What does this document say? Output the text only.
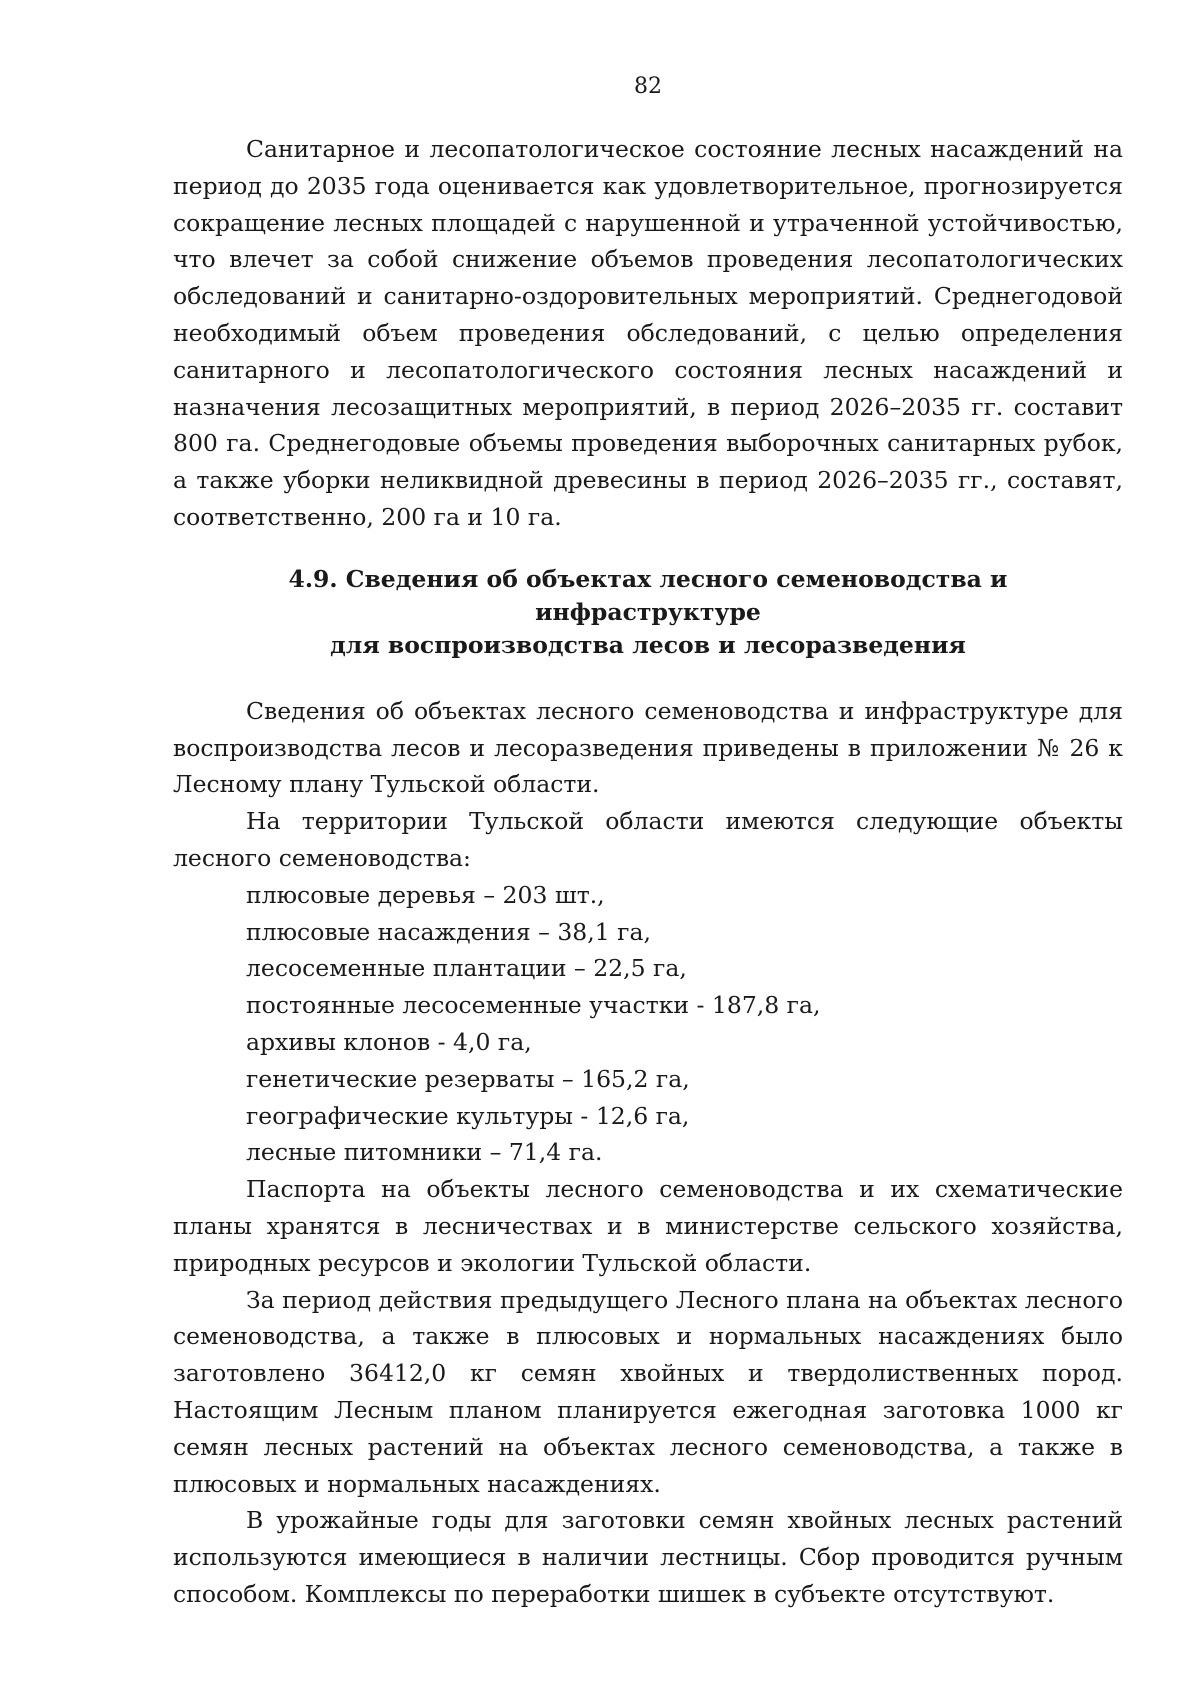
82

Санитарное и лесопатологическое состояние лесных насаждений на период до 2035 года оценивается как удовлетворительное, прогнозируется сокращение лесных площадей с нарушенной и утраченной устойчивостью, что влечет за собой снижение объемов проведения лесопатологических обследований и санитарно-оздоровительных мероприятий. Среднегодовой необходимый объем проведения обследований, с целью определения санитарного и лесопатологического состояния лесных насаждений и назначения лесозащитных мероприятий, в период 2026–2035 гг. составит 800 га. Среднегодовые объемы проведения выборочных санитарных рубок, а также уборки неликвидной древесины в период 2026–2035 гг., составят, соответственно, 200 га и 10 га.

4.9. Сведения об объектах лесного семеноводства и инфраструктуре
для воспроизводства лесов и лесоразведения

Сведения об объектах лесного семеноводства и инфраструктуре для воспроизводства лесов и лесоразведения приведены в приложении № 26 к Лесному плану Тульской области.

На территории Тульской области имеются следующие объекты лесного семеноводства:

плюсовые деревья – 203 шт.,
плюсовые насаждения – 38,1 га,
лесосеменные плантации – 22,5 га,
постоянные лесосеменные участки - 187,8 га,
архивы клонов - 4,0 га,
генетические резерваты – 165,2 га,
географические культуры - 12,6 га,
лесные питомники – 71,4 га.

Паспорта на объекты лесного семеноводства и их схематические планы хранятся в лесничествах и в министерстве сельского хозяйства, природных ресурсов и экологии Тульской области.

За период действия предыдущего Лесного плана на объектах лесного семеноводства, а также в плюсовых и нормальных насаждениях было заготовлено 36412,0 кг семян хвойных и твердолиственных пород. Настоящим Лесным планом планируется ежегодная заготовка 1000 кг семян лесных растений на объектах лесного семеноводства, а также в плюсовых и нормальных насаждениях.

В урожайные годы для заготовки семян хвойных лесных растений используются имеющиеся в наличии лестницы. Сбор проводится ручным способом. Комплексы по переработки шишек в субъекте отсутствуют.
